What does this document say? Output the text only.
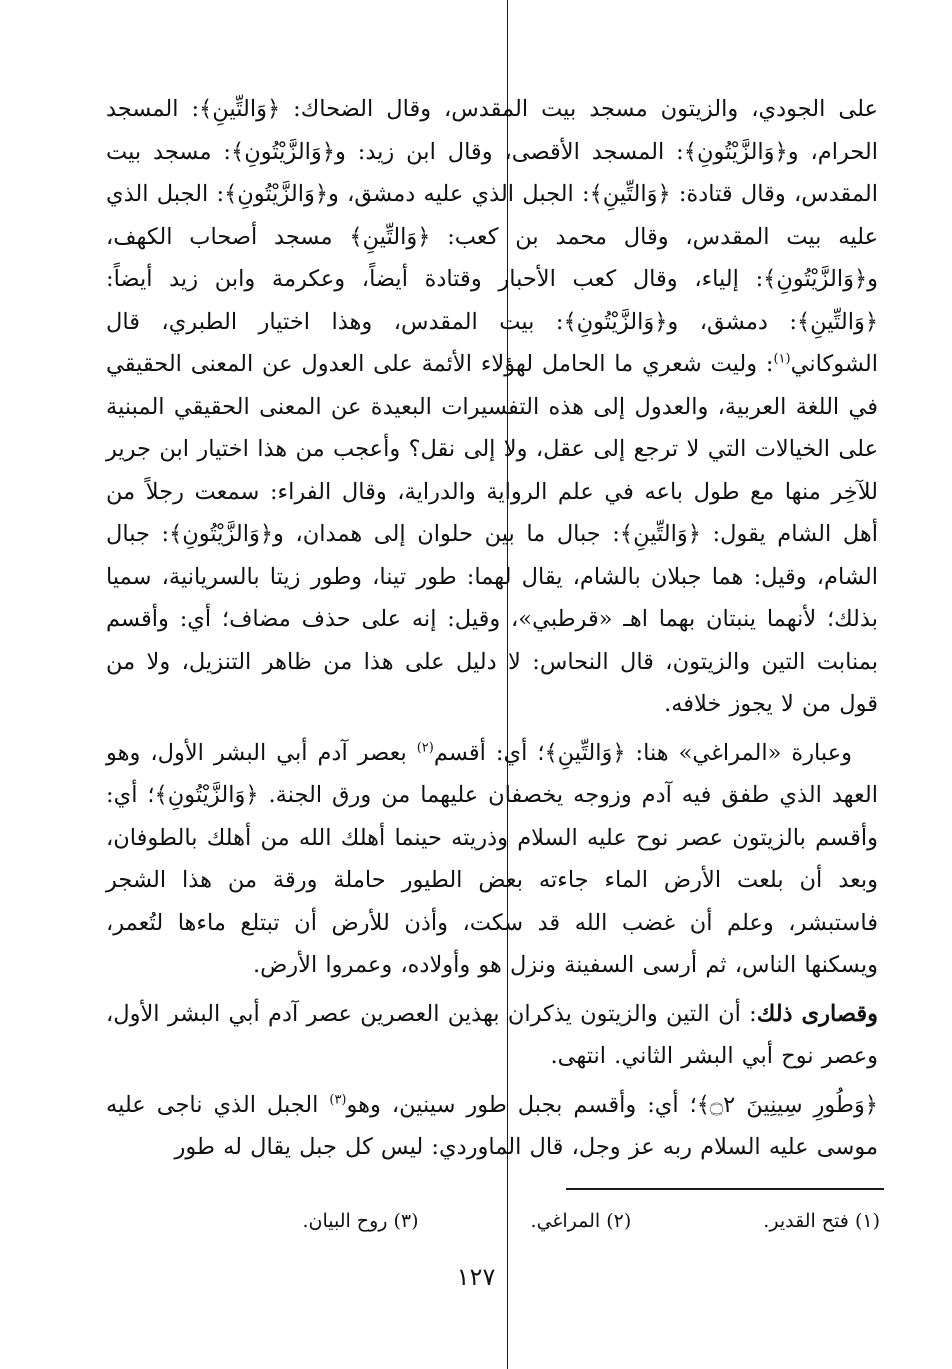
على الجودي، والزيتون مسجد بيت المقدس، وقال الضحاك: ﴿وَالتِّينِ﴾: المسجد الحرام، و﴿وَالزَّيْتُونِ﴾: المسجد الأقصى، وقال ابن زيد: و﴿وَالزَّيْتُونِ﴾: مسجد بيت المقدس، وقال قتادة: ﴿وَالتِّينِ﴾: الجبل الذي عليه دمشق، و﴿وَالزَّيْتُونِ﴾: الجبل الذي عليه بيت المقدس، وقال محمد بن كعب: ﴿وَالتِّينِ﴾ مسجد أصحاب الكهف، و﴿وَالزَّيْتُونِ﴾: إلياء، وقال كعب الأحبار وقتادة أيضاً، وعكرمة وابن زيد أيضاً: ﴿وَالتِّينِ﴾: دمشق، و﴿وَالزَّيْتُونِ﴾: بيت المقدس، وهذا اختيار الطبري، قال الشوكاني$^{(١)}$: وليت شعري ما الحامل لهؤلاء الأئمة على العدول عن المعنى الحقيقي في اللغة العربية، والعدول إلى هذه التفسيرات البعيدة عن المعنى الحقيقي المبنية على الخيالات التي لا ترجع إلى عقل، ولا إلى نقل؟ وأعجب من هذا اختيار ابن جرير للآخِر منها مع طول باعه في علم الرواية والدراية، وقال الفراء: سمعت رجلاً من أهل الشام يقول: ﴿وَالتِّينِ﴾: جبال ما بين حلوان إلى همدان، و﴿وَالزَّيْتُونِ﴾: جبال الشام، وقيل: هما جبلان بالشام، يقال لهما: طور تينا، وطور زيتا بالسريانية، سميا بذلك؛ لأنهما ينبتان بهما اهـ «قرطبي»، وقيل: إنه على حذف مضاف؛ أي: وأقسم بمنابت التين والزيتون، قال النحاس: لا دليل على هذا من ظاهر التنزيل، ولا من قول من لا يجوز خلافه.

وعبارة «المراغي» هنا: ﴿وَالتِّينِ﴾؛ أي: أقسم$^{(٢)}$ بعصر آدم أبي البشر الأول، وهو العهد الذي طفق فيه آدم وزوجه يخصفان عليهما من ورق الجنة. ﴿وَالزَّيْتُونِ﴾؛ أي: وأقسم بالزيتون عصر نوح عليه السلام وذريته حينما أهلك الله من أهلك بالطوفان، وبعد أن بلعت الأرض الماء جاءته بعض الطيور حاملة ورقة من هذا الشجر فاستبشر، وعلم أن غضب الله قد سكت، وأذن للأرض أن تبتلع ماءها لتُعمر، ويسكنها الناس، ثم أرسى السفينة ونزل هو وأولاده، وعمروا الأرض.

وقصارى ذلك: أن التين والزيتون يذكران بهذين العصرين عصر آدم أبي البشر الأول، وعصر نوح أبي البشر الثاني. انتهى.

﴿وَطُورِ سِينِينَ ۝٢﴾؛ أي: وأقسم بجبل طور سينين، وهو$^{(٣)}$ الجبل الذي ناجى عليه موسى عليه السلام ربه عز وجل، قال الماوردي: ليس كل جبل يقال له طور

(١) فتح القدير.
(٢) المراغي.
(٣) روح البيان.
١٢٧
